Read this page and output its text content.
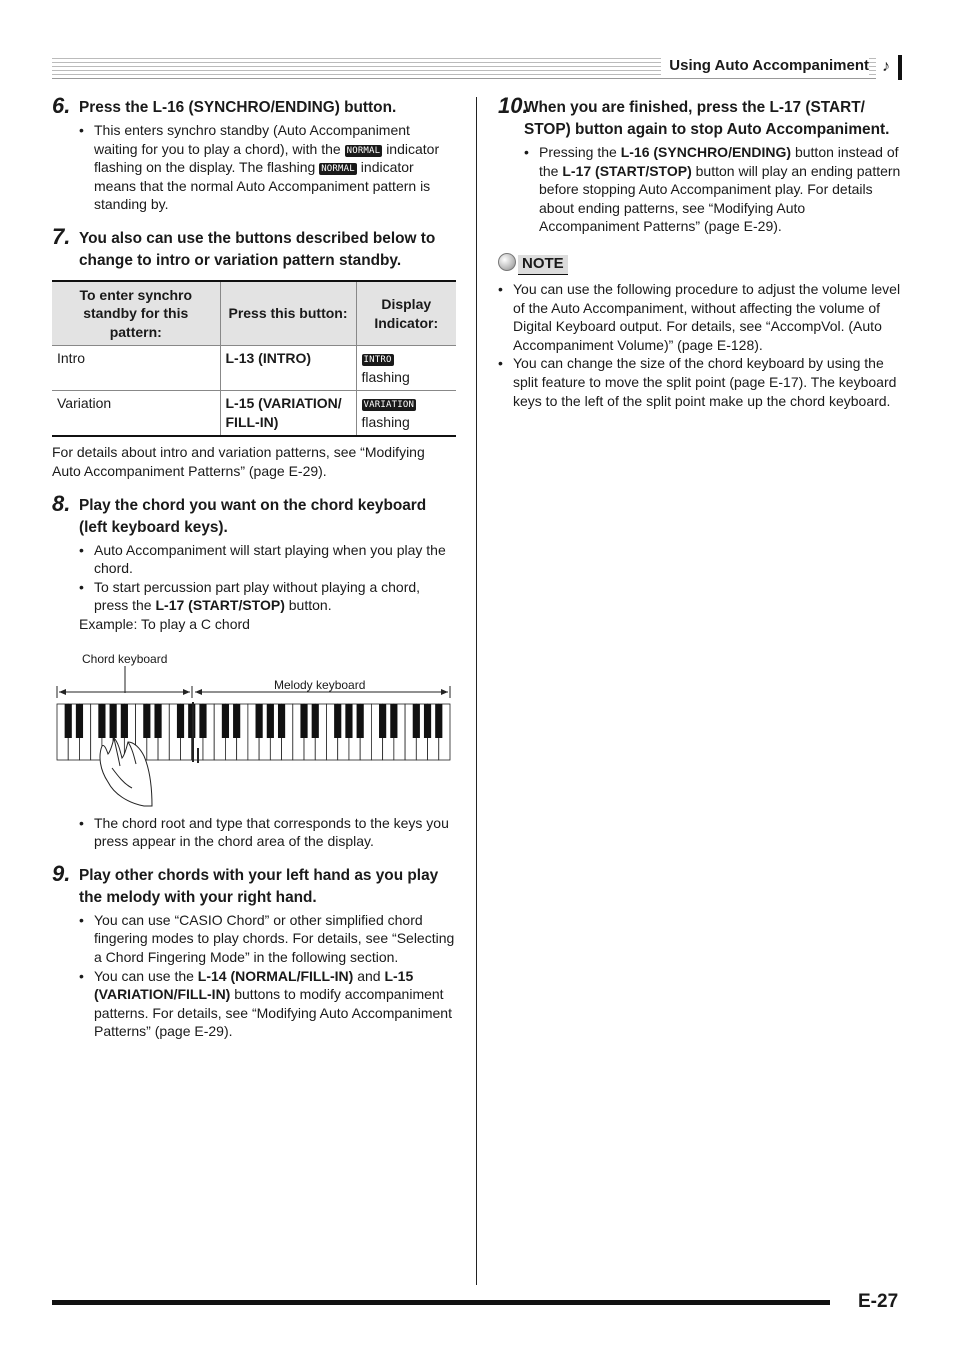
Using Auto Accompaniment ♪
6. Press the L-16 (SYNCHRO/ENDING) button.
• This enters synchro standby (Auto Accompaniment waiting for you to play a chord), with the NORMAL indicator flashing on the display. The flashing NORMAL indicator means that the normal Auto Accompaniment pattern is standing by.
7. You also can use the buttons described below to change to intro or variation pattern standby.
To enter synchro standby for this pattern:	Press this button:	Display Indicator:
Intro	L-13 (INTRO)	INTRO
flashing
Variation	L-15 (VARIATION/ FILL-IN)	VARIATION
flashing

For details about intro and variation patterns, see “Modifying Auto Accompaniment Patterns” (page E-29).

8. Play the chord you want on the chord keyboard (left keyboard keys).
• Auto Accompaniment will start playing when you play the chord.
• To start percussion part play without playing a chord, press the L-17 (START/STOP) button.

Example: To play a C chord

Chord keyboard
Melody keyboard
• The chord root and type that corresponds to the keys you press appear in the chord area of the display.
9. Play other chords with your left hand as you play the melody with your right hand.
• You can use “CASIO Chord” or other simplified chord fingering modes to play chords. For details, see “Selecting a Chord Fingering Mode” in the following section.
• You can use the L-14 (NORMAL/FILL-IN) and L-15 (VARIATION/FILL-IN) buttons to modify accompaniment patterns. For details, see “Modifying Auto Accompaniment Patterns” (page E-29).
10.
When you are finished, press the L-17 (START/ STOP) button again to stop Auto Accompaniment.
• Pressing the L-16 (SYNCHRO/ENDING) button instead of the L-17 (START/STOP) button will play an ending pattern before stopping Auto Accompaniment play. For details about ending patterns, see “Modifying Auto Accompaniment Patterns” (page E-29).
NOTE
• You can use the following procedure to adjust the volume level of the Auto Accompaniment, without affecting the volume of Digital Keyboard output. For details, see “AccompVol. (Auto Accompaniment Volume)” (page E-128).
• You can change the size of the chord keyboard by using the split feature to move the split point (page E-17). The keyboard keys to the left of the split point make up the chord keyboard.
E-27
